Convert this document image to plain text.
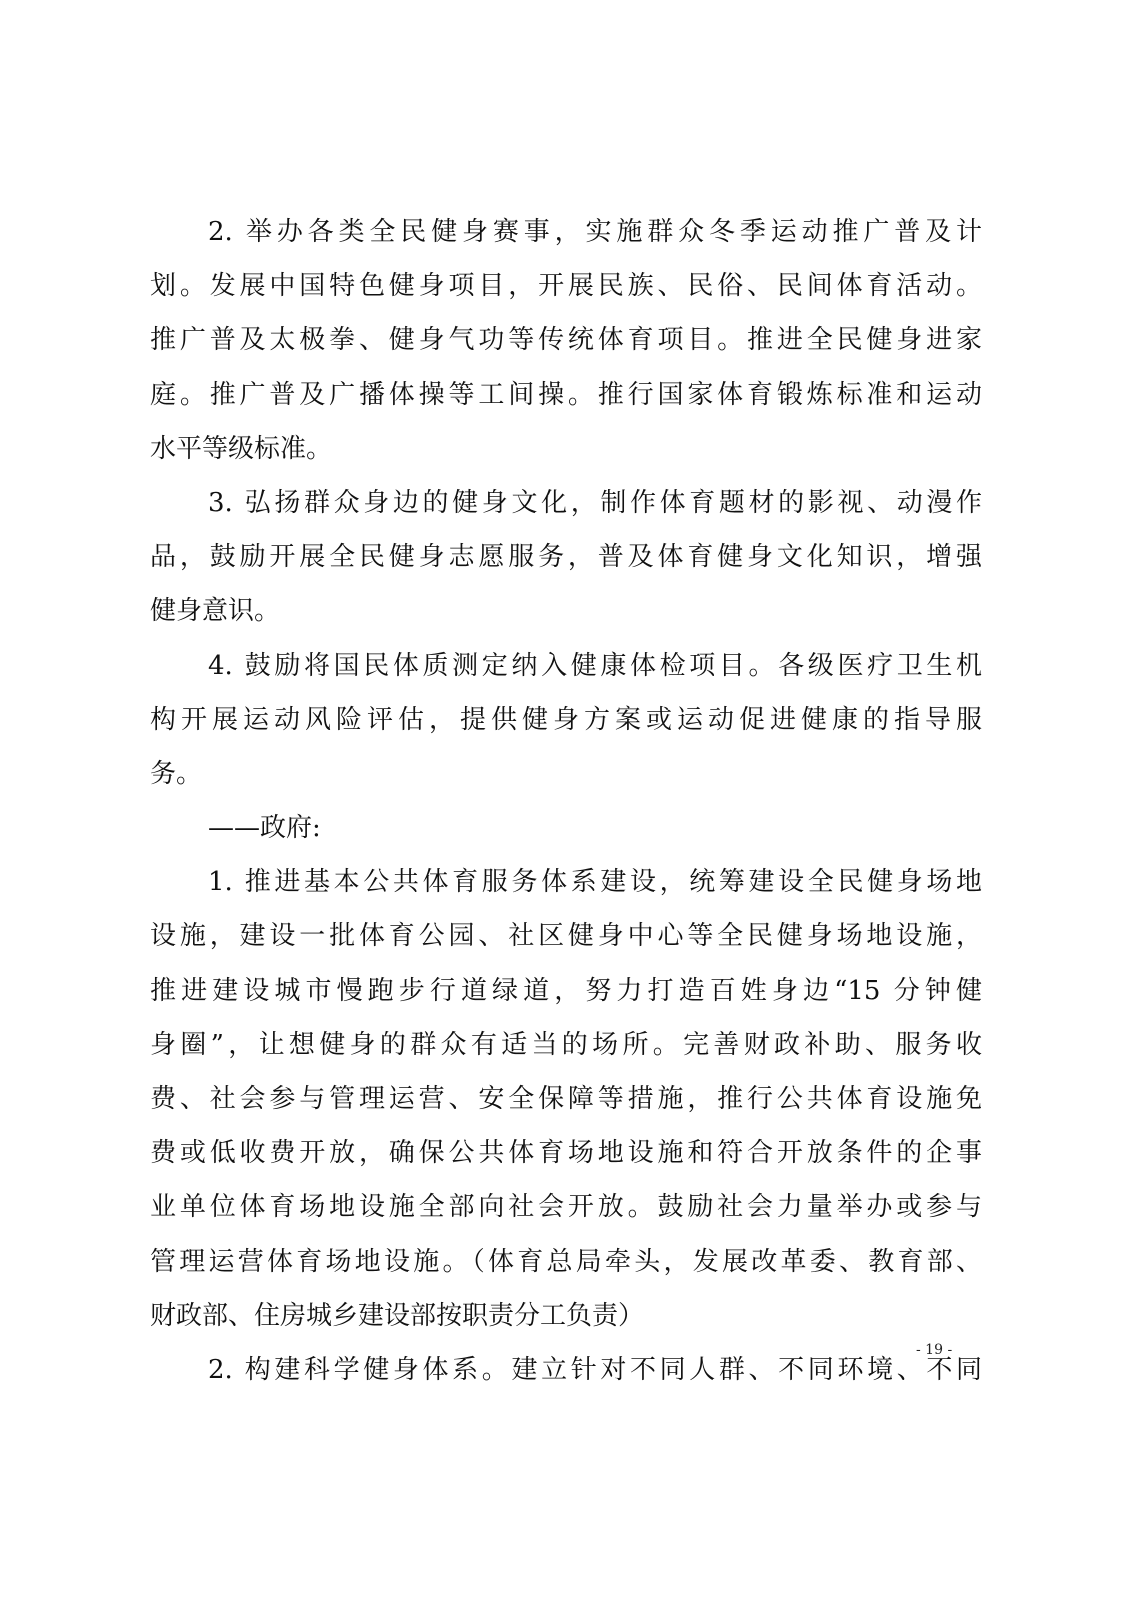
2. 举办各类全民健身赛事，实施群众冬季运动推广普及计
划。发展中国特色健身项目，开展民族、民俗、民间体育活动。
推广普及太极拳、健身气功等传统体育项目。推进全民健身进家
庭。推广普及广播体操等工间操。推行国家体育锻炼标准和运动
水平等级标准。
3. 弘扬群众身边的健身文化，制作体育题材的影视、动漫作
品，鼓励开展全民健身志愿服务，普及体育健身文化知识，增强
健身意识。
4. 鼓励将国民体质测定纳入健康体检项目。各级医疗卫生机
构开展运动风险评估，提供健身方案或运动促进健康的指导服
务。
——政府:
1. 推进基本公共体育服务体系建设，统筹建设全民健身场地
设施，建设一批体育公园、社区健身中心等全民健身场地设施，
推进建设城市慢跑步行道绿道，努力打造百姓身边“15 分钟健
身圈”，让想健身的群众有适当的场所。完善财政补助、服务收
费、社会参与管理运营、安全保障等措施，推行公共体育设施免
费或低收费开放，确保公共体育场地设施和符合开放条件的企事
业单位体育场地设施全部向社会开放。鼓励社会力量举办或参与
管理运营体育场地设施。（体育总局牵头，发展改革委、教育部、
财政部、住房城乡建设部按职责分工负责）
2. 构建科学健身体系。建立针对不同人群、不同环境、不同
- 19 -
